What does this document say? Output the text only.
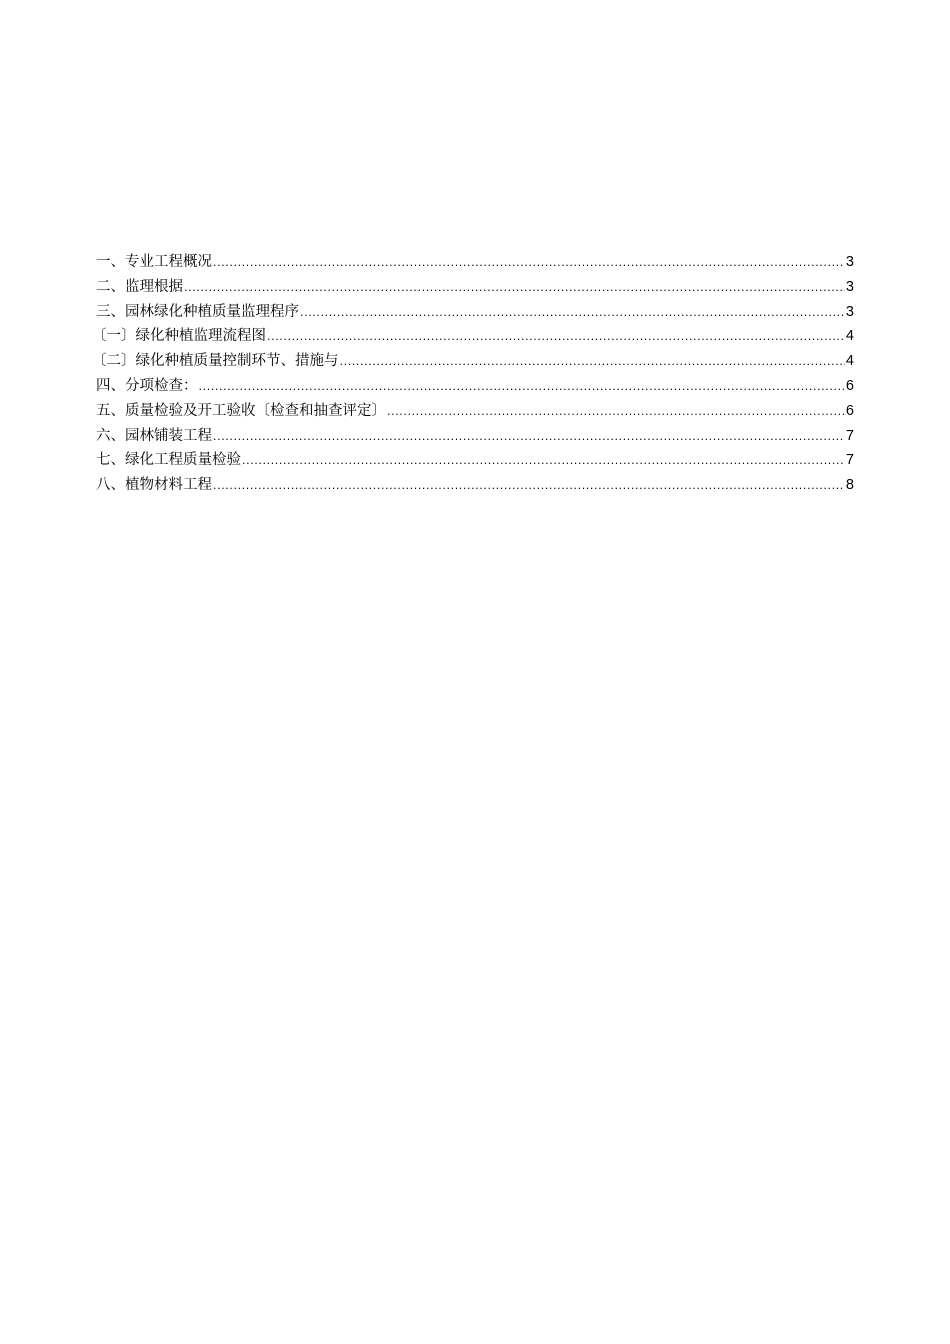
一、专业工程概况 .....	3
二、监理根据 .....	3
三、园林绿化种植质量监理程序 .....	3
〔一〕绿化种植监理流程图 .....	4
〔二〕绿化种植质量控制环节、措施与 .....	4
四、分项检查： .....	6
五、质量检验及开工验收〔检查和抽查评定〕 .....	6
六、园林铺装工程 .....	7
七、绿化工程质量检验 .....	7
八、植物材料工程 .....	8
